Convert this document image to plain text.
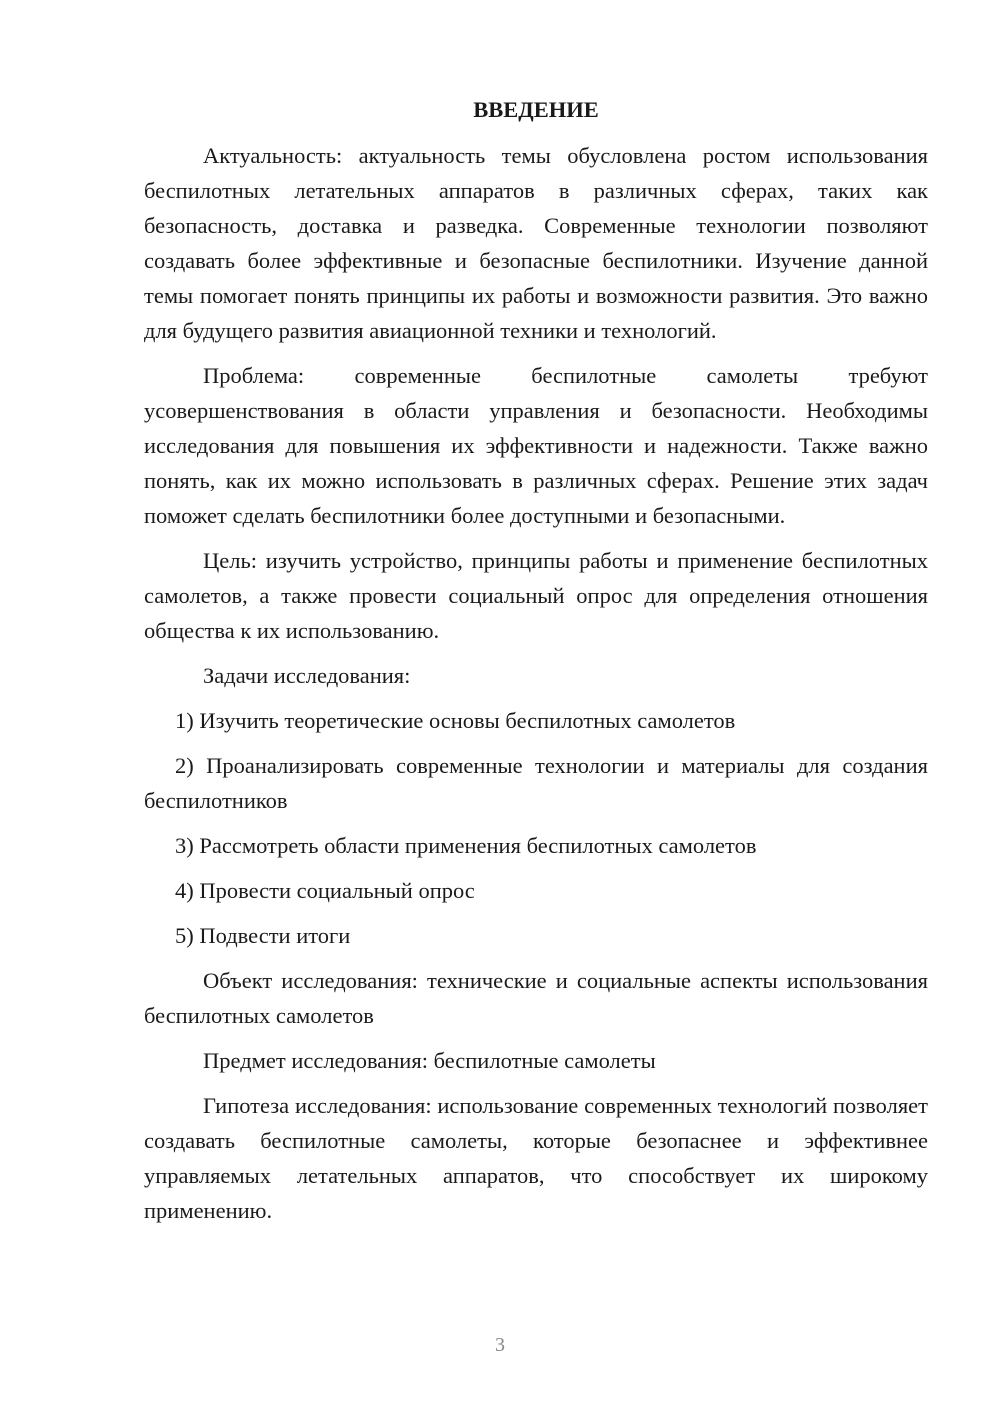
ВВЕДЕНИЕ

Актуальность: актуальность темы обусловлена ростом использования беспилотных летательных аппаратов в различных сферах, таких как безопасность, доставка и разведка. Современные технологии позволяют создавать более эффективные и безопасные беспилотники. Изучение данной темы помогает понять принципы их работы и возможности развития. Это важно для будущего развития авиационной техники и технологий.

Проблема: современные беспилотные самолеты требуют усовершенствования в области управления и безопасности. Необходимы исследования для повышения их эффективности и надежности. Также важно понять, как их можно использовать в различных сферах. Решение этих задач поможет сделать беспилотники более доступными и безопасными.

Цель: изучить устройство, принципы работы и применение беспилотных самолетов, а также провести социальный опрос для определения отношения общества к их использованию.

Задачи исследования:

1) Изучить теоретические основы беспилотных самолетов

2) Проанализировать современные технологии и материалы для создания беспилотников

3) Рассмотреть области применения беспилотных самолетов

4) Провести социальный опрос

5) Подвести итоги

Объект исследования: технические и социальные аспекты использования беспилотных самолетов

Предмет исследования: беспилотные самолеты

Гипотеза исследования: использование современных технологий позволяет создавать беспилотные самолеты, которые безопаснее и эффективнее управляемых летательных аппаратов, что способствует их широкому применению.

3
